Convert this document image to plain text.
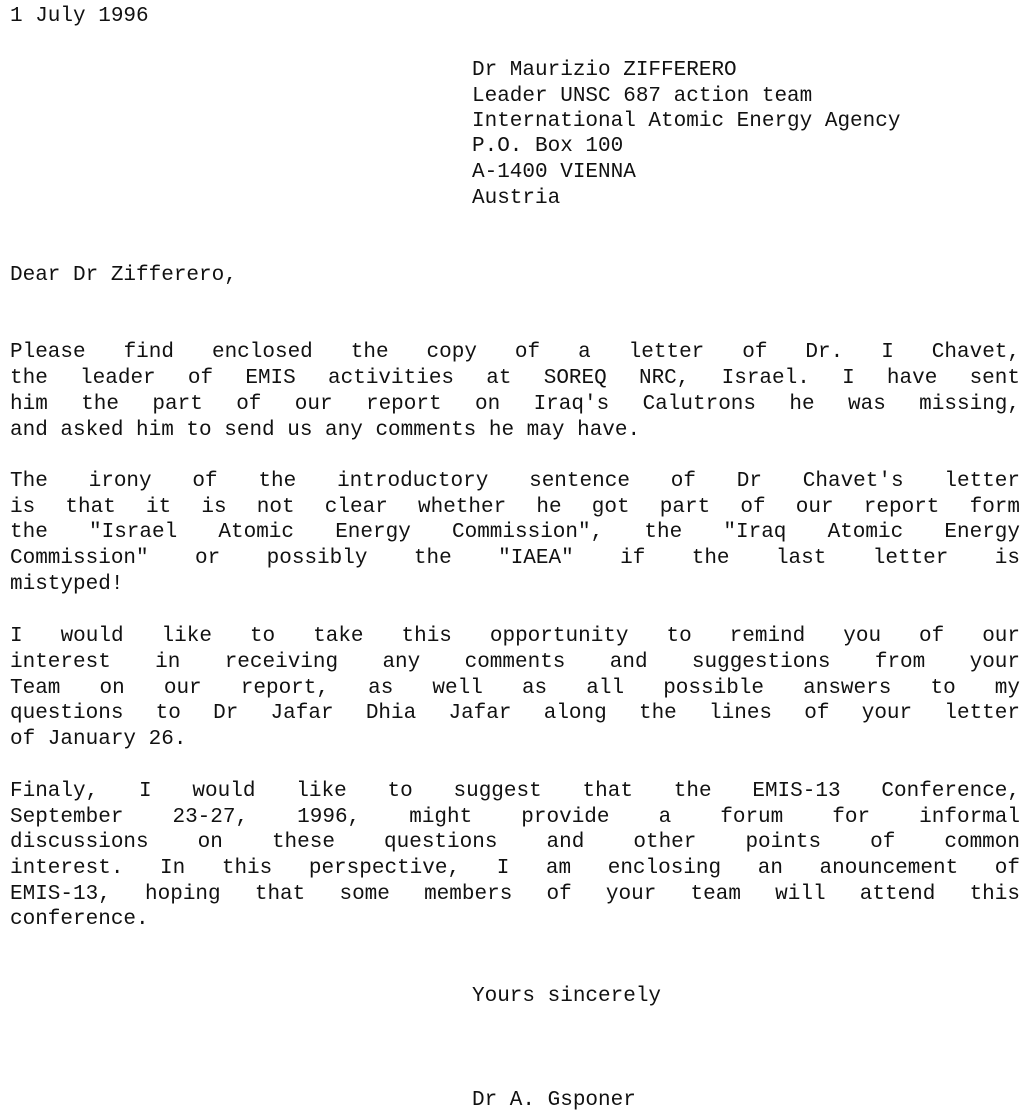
1 July 1996
Dr Maurizio ZIFFERERO
Leader UNSC 687 action team
International Atomic Energy Agency
P.O. Box 100
A-1400 VIENNA
Austria
Dear Dr Zifferero,
Please find enclosed the copy of a letter of Dr. I Chavet,
the leader of EMIS activities at SOREQ NRC, Israel. I have sent
him the part of our report on Iraq's Calutrons he was missing,
and asked him to send us any comments he may have.
The irony of the introductory sentence of Dr Chavet's letter
is that it is not clear whether he got part of our report form
the "Israel Atomic Energy Commission", the "Iraq Atomic Energy
Commission" or possibly the "IAEA" if the last letter is
mistyped!
I would like to take this opportunity to remind you of our
interest in receiving any comments and suggestions from your
Team on our report, as well as all possible answers to my
questions to Dr Jafar Dhia Jafar along the lines of your letter
of January 26.
Finaly, I would like to suggest that the EMIS-13 Conference,
September 23-27, 1996, might provide a forum for informal
discussions on these questions and other points of common
interest. In this perspective, I am enclosing an anouncement of
EMIS-13, hoping that some members of your team will attend this
conference.
Yours sincerely
Dr A. Gsponer
